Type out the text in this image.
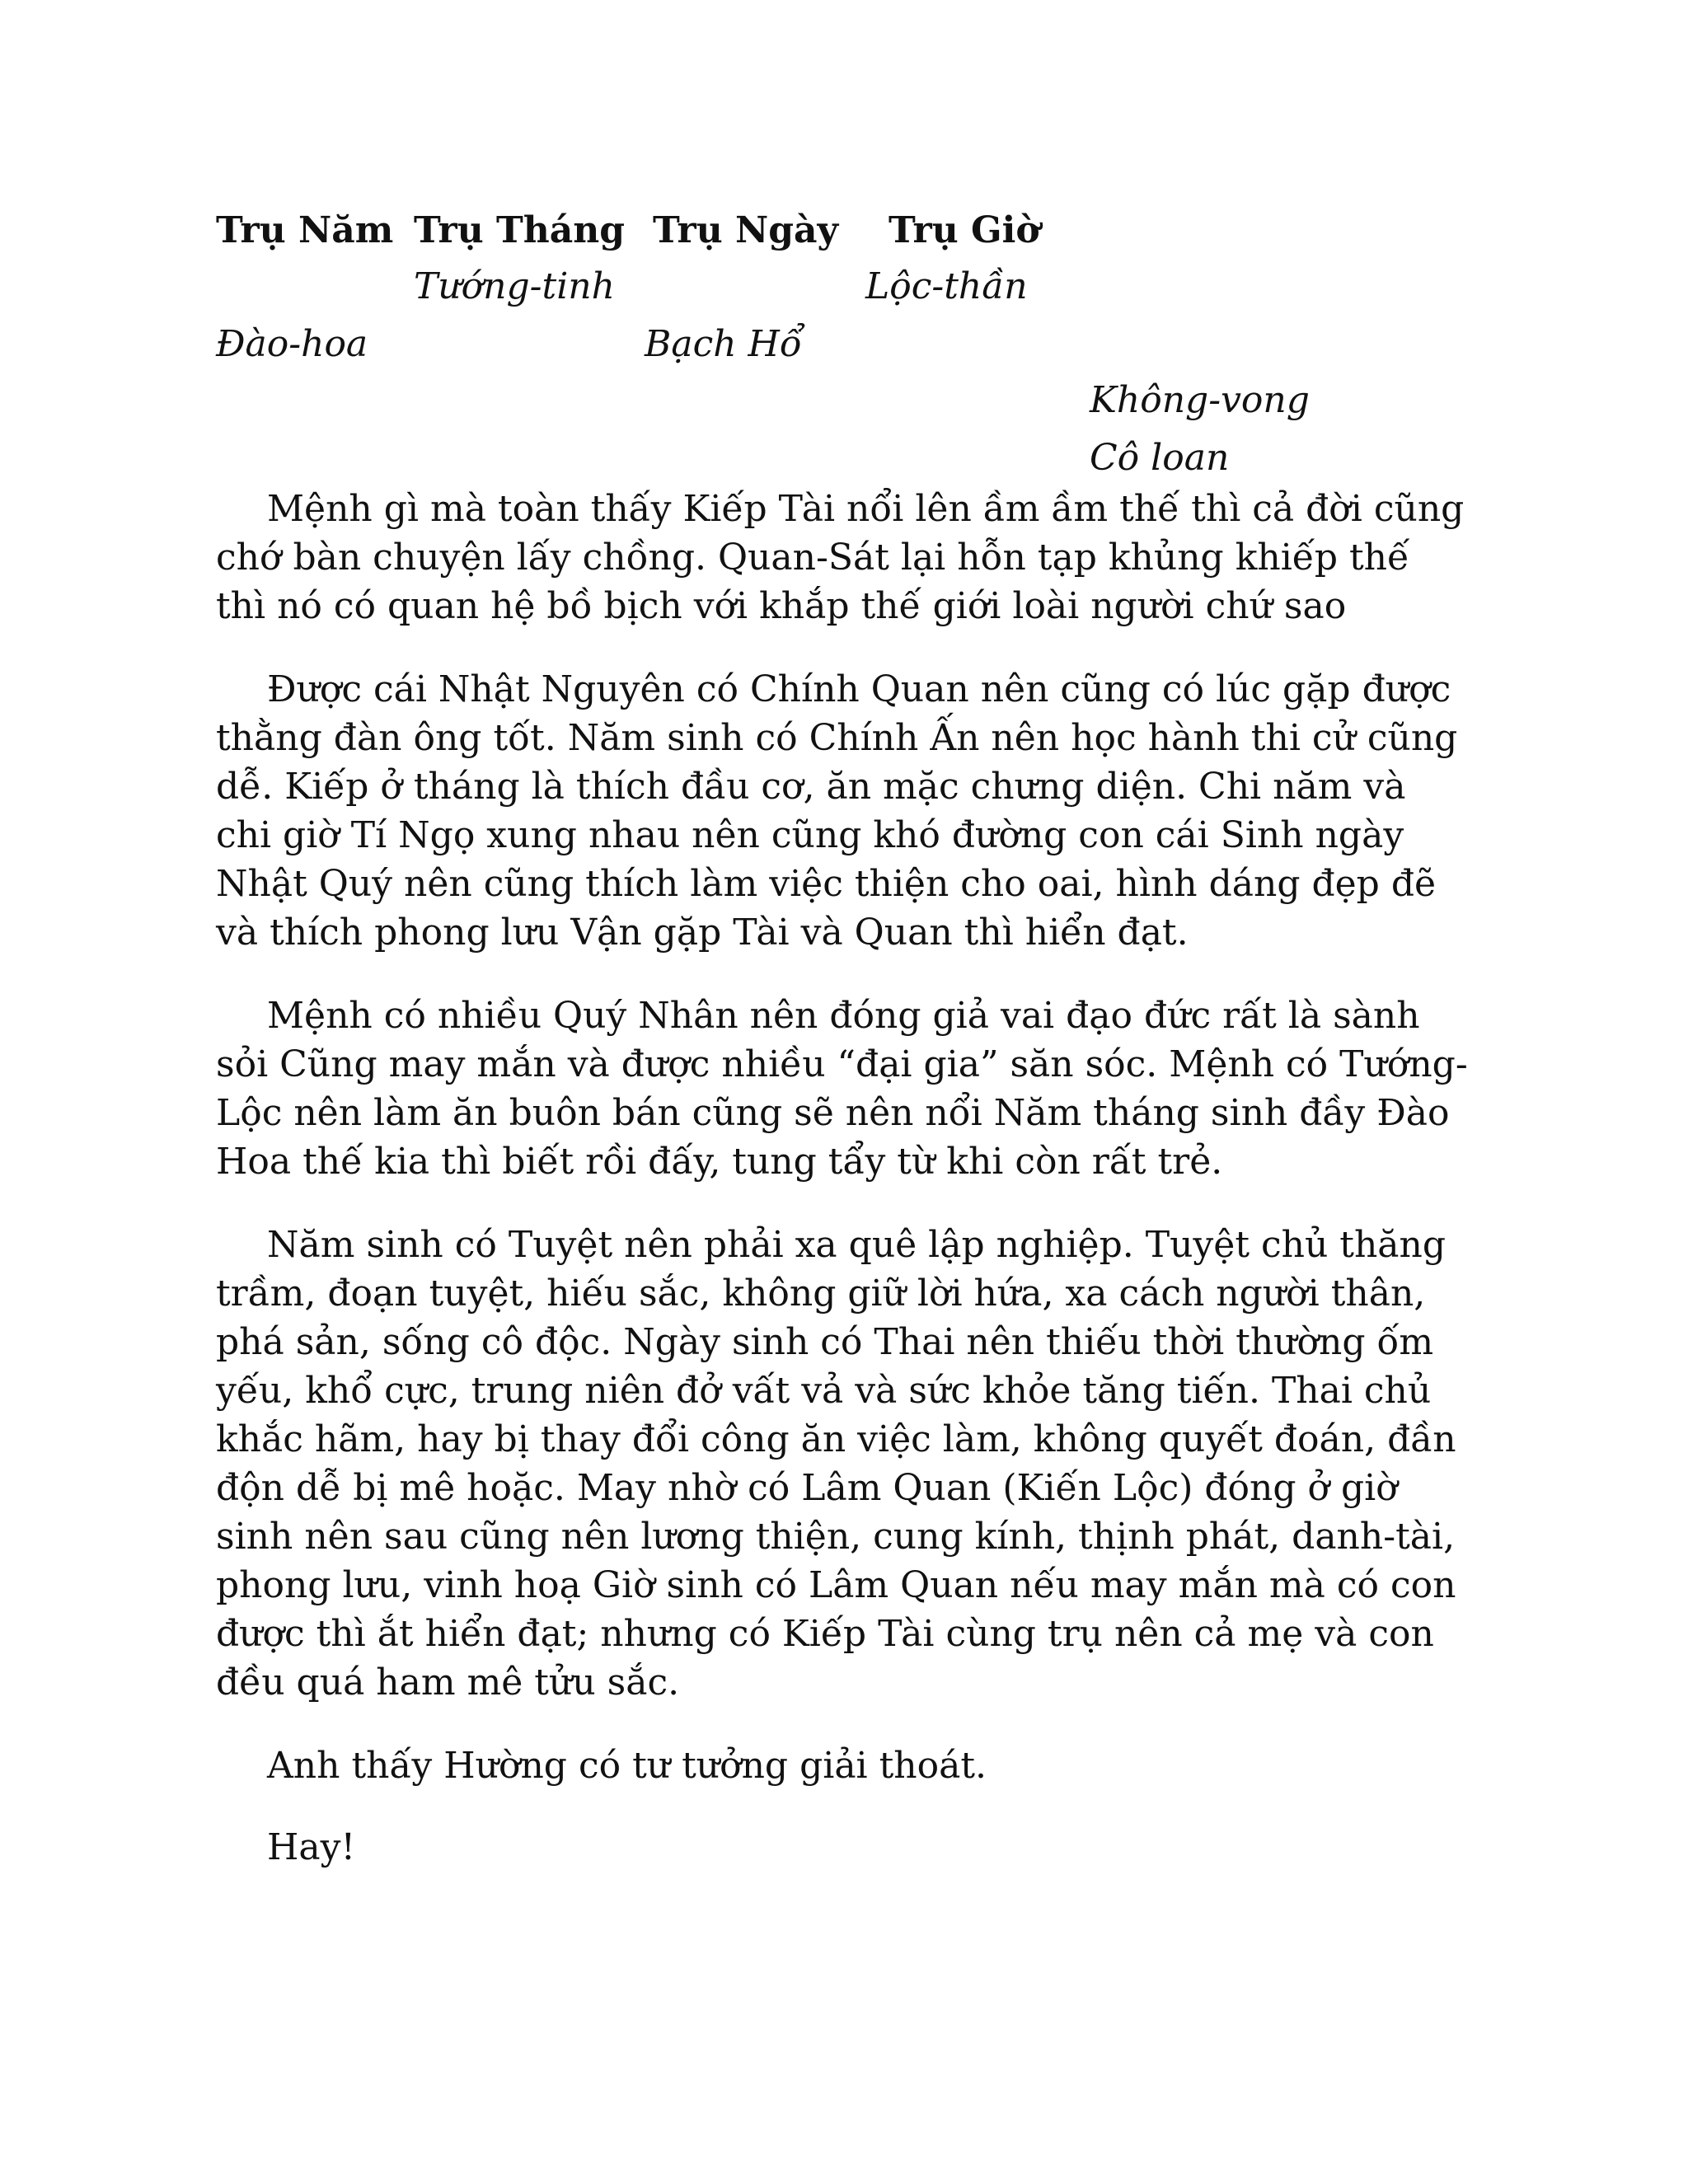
Trụ Năm Trụ Tháng Trụ Ngày Trụ Giờ
Tướng-tinh	Lộc-thần
Đào-hoa	Bạch Hổ
Không-vong
Cô loan

Mệnh gì mà toàn thấy Kiếp Tài nổi lên ầm ầm thế thì cả đời cũng chớ bàn chuyện lấy chồng. Quan-Sát lại hỗn tạp khủng khiếp thế thì nó có quan hệ bồ bịch với khắp thế giới loài người chứ sao

Được cái Nhật Nguyên có Chính Quan nên cũng có lúc gặp được thằng đàn ông tốt. Năm sinh có Chính Ấn nên học hành thi cử cũng dễ. Kiếp ở tháng là thích đầu cơ, ăn mặc chưng diện. Chi năm và chi giờ Tí Ngọ xung nhau nên cũng khó đường con cái Sinh ngày Nhật Quý nên cũng thích làm việc thiện cho oai, hình dáng đẹp đẽ và thích phong lưu Vận gặp Tài và Quan thì hiển đạt.

Mệnh có nhiều Quý Nhân nên đóng giả vai đạo đức rất là sành sỏi Cũng may mắn và được nhiều “đại gia” săn sóc. Mệnh có Tướng-Lộc nên làm ăn buôn bán cũng sẽ nên nổi Năm tháng sinh đầy Đào Hoa thế kia thì biết rồi đấy, tung tẩy từ khi còn rất trẻ.

Năm sinh có Tuyệt nên phải xa quê lập nghiệp. Tuyệt chủ thăng trầm, đoạn tuyệt, hiếu sắc, không giữ lời hứa, xa cách người thân, phá sản, sống cô độc. Ngày sinh có Thai nên thiếu thời thường ốm yếu, khổ cực, trung niên đở vất vả và sức khỏe tăng tiến. Thai chủ khắc hãm, hay bị thay đổi công ăn việc làm, không quyết đoán, đần độn dễ bị mê hoặc. May nhờ có Lâm Quan (Kiến Lộc) đóng ở giờ sinh nên sau cũng nên lương thiện, cung kính, thịnh phát, danh-tài, phong lưu, vinh hoạ Giờ sinh có Lâm Quan nếu may mắn mà có con được thì ắt hiển đạt; nhưng có Kiếp Tài cùng trụ nên cả mẹ và con đều quá ham mê tửu sắc.

Anh thấy Hường có tư tưởng giải thoát.

Hay!
